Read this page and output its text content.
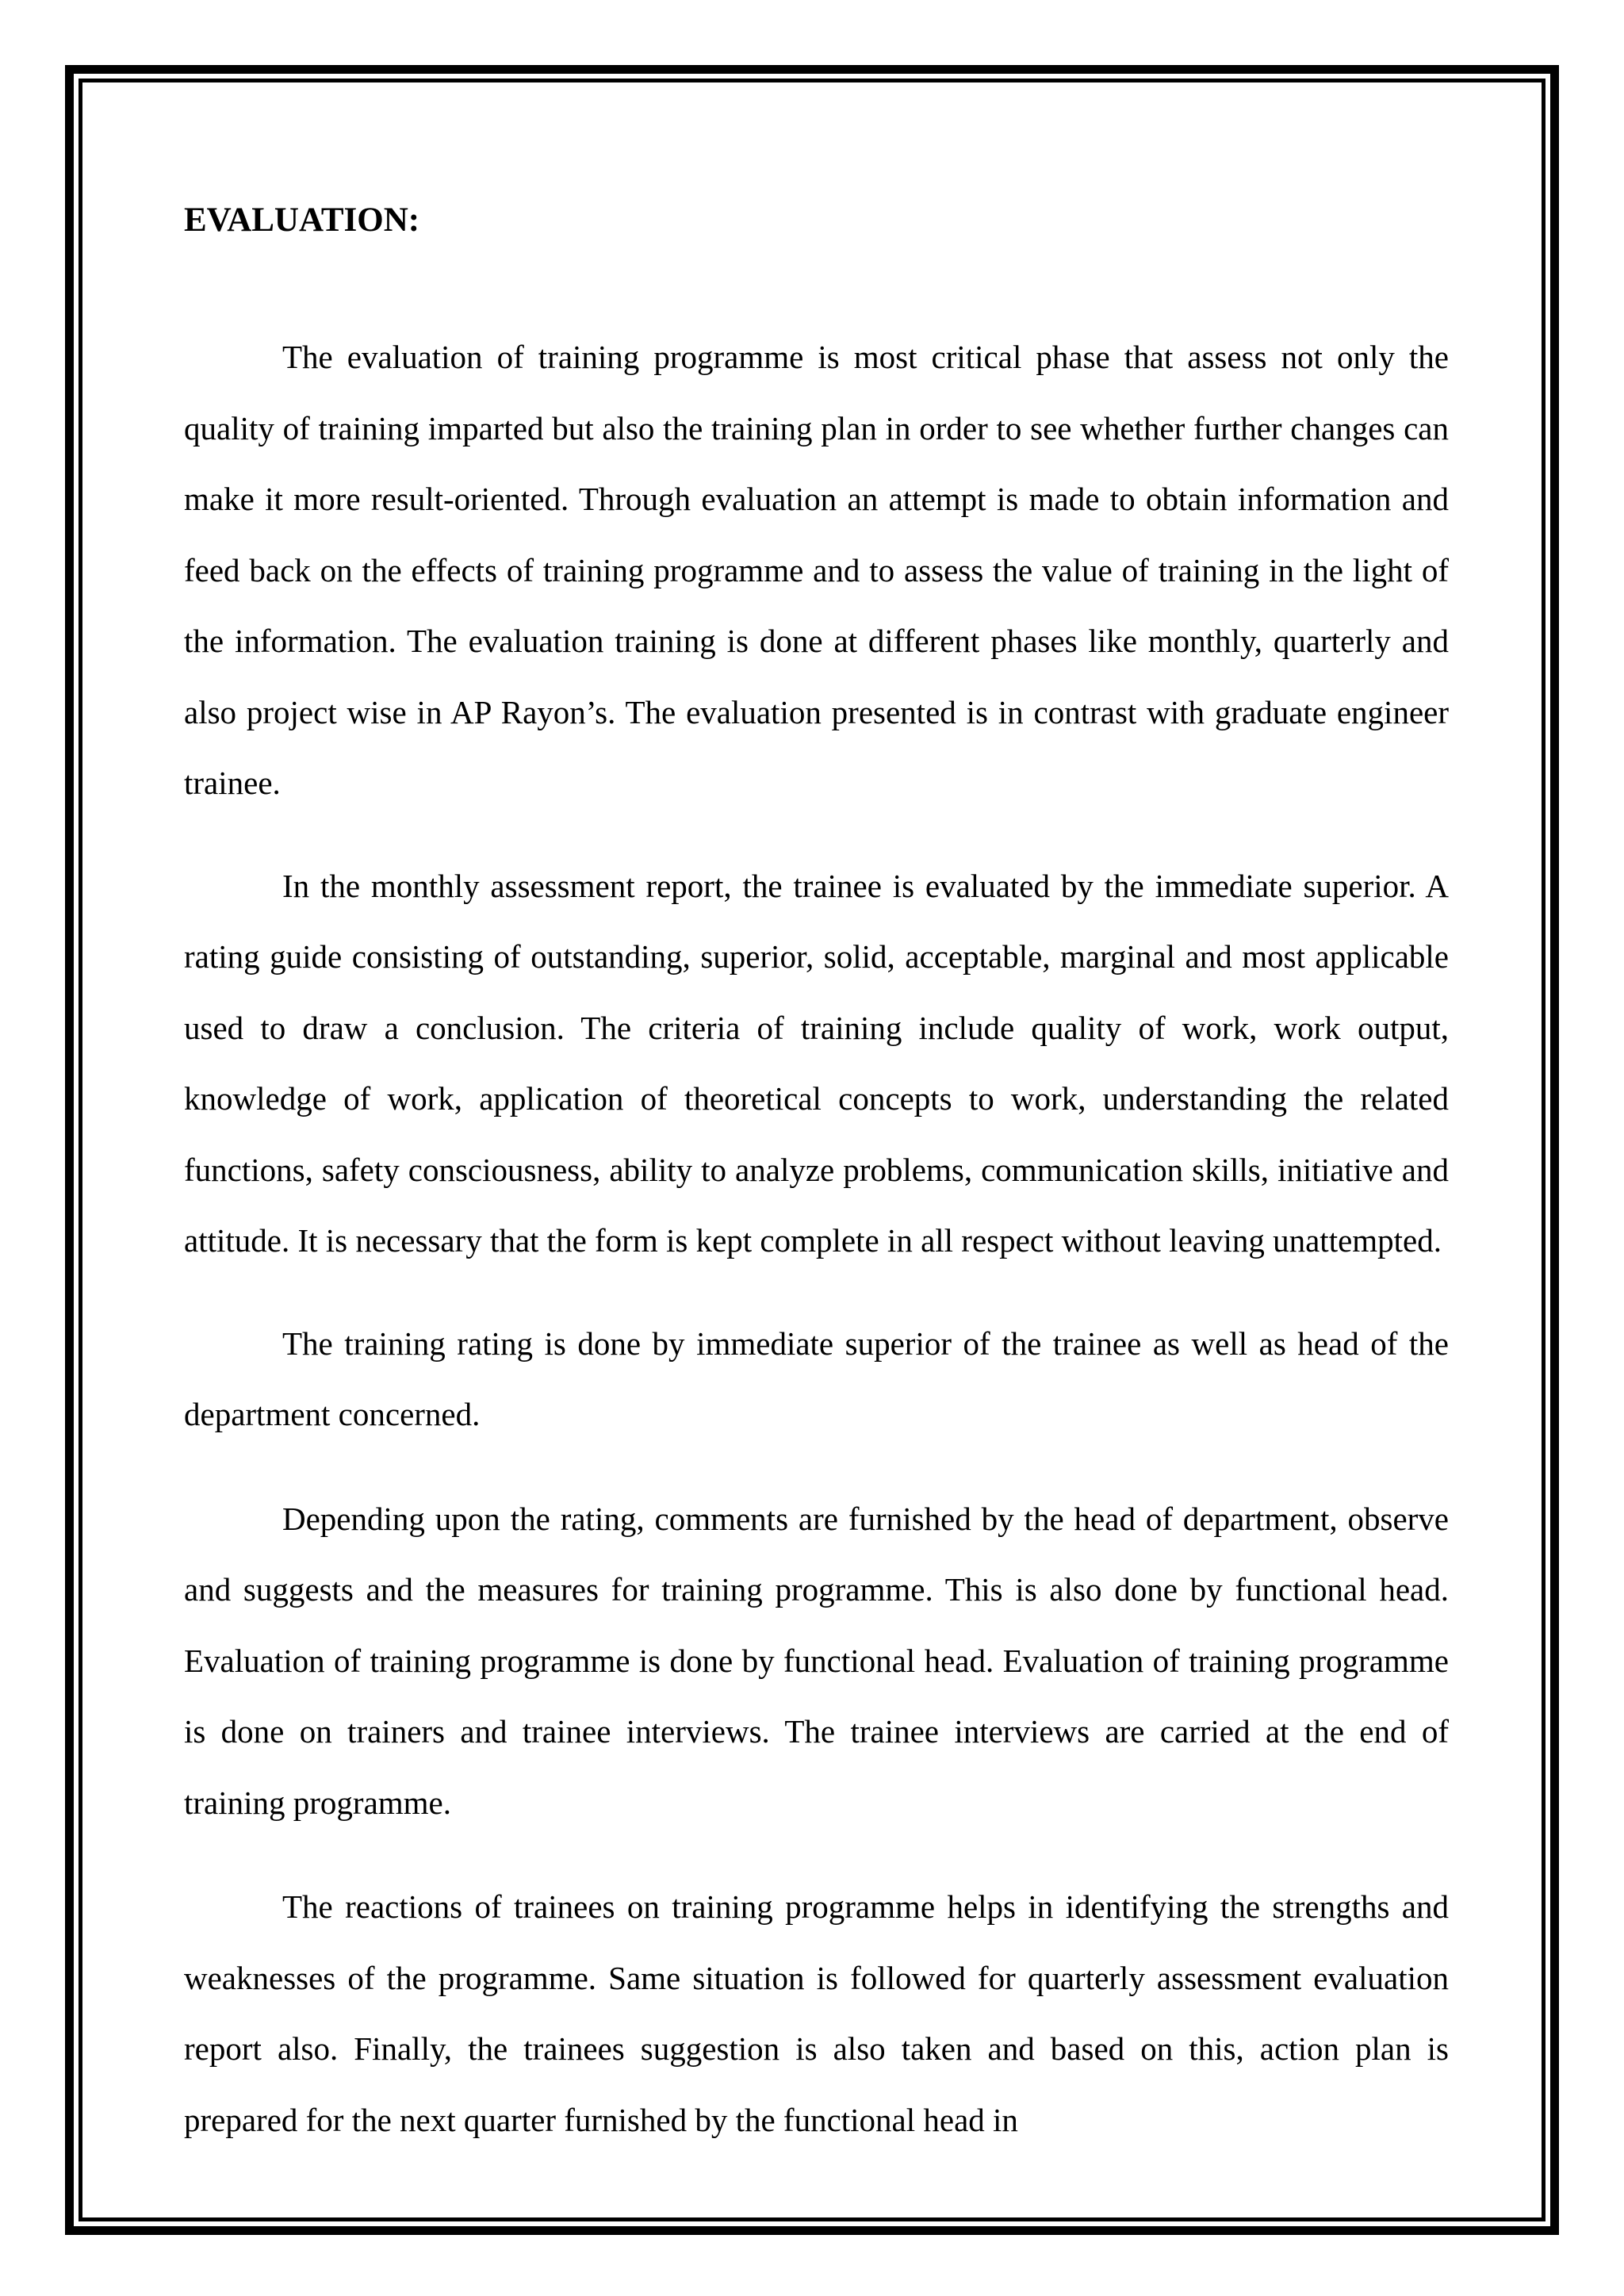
EVALUATION:

The evaluation of training programme is most critical phase that assess not only the quality of training imparted but also the training plan in order to see whether further changes can make it more result-oriented. Through evaluation an attempt is made to obtain information and feed back on the effects of training programme and to assess the value of training in the light of the information. The evaluation training is done at different phases like monthly, quarterly and also project wise in AP Rayon’s. The evaluation presented is in contrast with graduate engineer trainee.

In the monthly assessment report, the trainee is evaluated by the immediate superior. A rating guide consisting of outstanding, superior, solid, acceptable, marginal and most applicable used to draw a conclusion. The criteria of training include quality of work, work output, knowledge of work, application of theoretical concepts to work, understanding the related functions, safety consciousness, ability to analyze problems, communication skills, initiative and attitude. It is necessary that the form is kept complete in all respect without leaving unattempted.

The training rating is done by immediate superior of the trainee as well as head of the department concerned.

Depending upon the rating, comments are furnished by the head of department, observe and suggests and the measures for training programme. This is also done by functional head. Evaluation of training programme is done by functional head. Evaluation of training programme is done on trainers and trainee interviews. The trainee interviews are carried at the end of training programme.

The reactions of trainees on training programme helps in identifying the strengths and weaknesses of the programme. Same situation is followed for quarterly assessment evaluation report also. Finally, the trainees suggestion is also taken and based on this, action plan is prepared for the next quarter furnished by the functional head in
